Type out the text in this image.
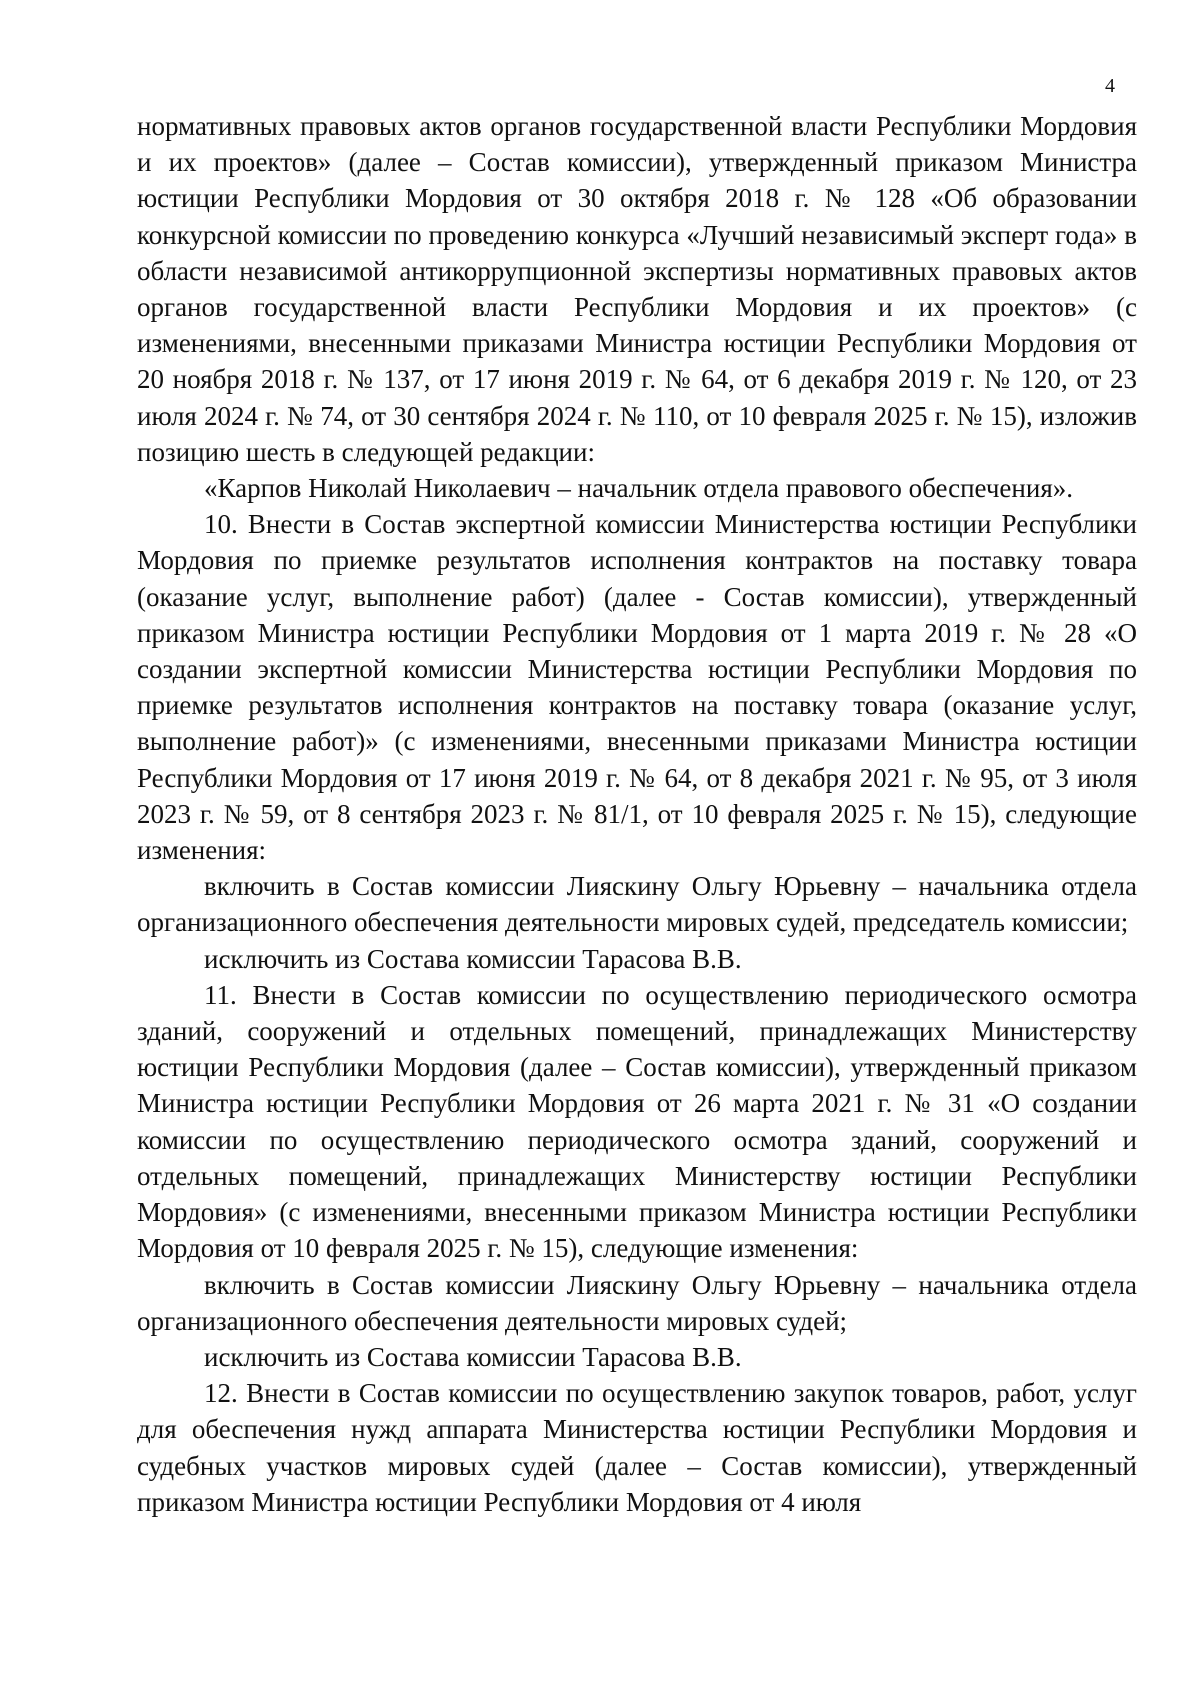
4

нормативных правовых актов органов государственной власти Республики Мордовия и их проектов» (далее – Состав комиссии), утвержденный приказом Министра юстиции Республики Мордовия от 30 октября 2018 г. № 128 «Об образовании конкурсной комиссии по проведению конкурса «Лучший независимый эксперт года» в области независимой антикоррупционной экспертизы нормативных правовых актов органов государственной власти Республики Мордовия и их проектов» (с изменениями, внесенными приказами Министра юстиции Республики Мордовия от 20 ноября 2018 г. № 137, от 17 июня 2019 г. № 64, от 6 декабря 2019 г. № 120, от 23 июля 2024 г. № 74, от 30 сентября 2024 г. № 110, от 10 февраля 2025 г. № 15), изложив позицию шесть в следующей редакции:

«Карпов Николай Николаевич – начальник отдела правового обеспечения».

10. Внести в Состав экспертной комиссии Министерства юстиции Республики Мордовия по приемке результатов исполнения контрактов на поставку товара (оказание услуг, выполнение работ) (далее - Состав комиссии), утвержденный приказом Министра юстиции Республики Мордовия от 1 марта 2019 г. № 28 «О создании экспертной комиссии Министерства юстиции Республики Мордовия по приемке результатов исполнения контрактов на поставку товара (оказание услуг, выполнение работ)» (с изменениями, внесенными приказами Министра юстиции Республики Мордовия от 17 июня 2019 г. № 64, от 8 декабря 2021 г. № 95, от 3 июля 2023 г. № 59, от 8 сентября 2023 г. № 81/1, от 10 февраля 2025 г. № 15), следующие изменения:

включить в Состав комиссии Лияскину Ольгу Юрьевну – начальника отдела организационного обеспечения деятельности мировых судей, председатель комиссии;

исключить из Состава комиссии Тарасова В.В.

11. Внести в Состав комиссии по осуществлению периодического осмотра зданий, сооружений и отдельных помещений, принадлежащих Министерству юстиции Республики Мордовия (далее – Состав комиссии), утвержденный приказом Министра юстиции Республики Мордовия от 26 марта 2021 г. № 31 «О создании комиссии по осуществлению периодического осмотра зданий, сооружений и отдельных помещений, принадлежащих Министерству юстиции Республики Мордовия» (с изменениями, внесенными приказом Министра юстиции Республики Мордовия от 10 февраля 2025 г. № 15), следующие изменения:

включить в Состав комиссии Лияскину Ольгу Юрьевну – начальника отдела организационного обеспечения деятельности мировых судей;

исключить из Состава комиссии Тарасова В.В.

12. Внести в Состав комиссии по осуществлению закупок товаров, работ, услуг для обеспечения нужд аппарата Министерства юстиции Республики Мордовия и судебных участков мировых судей (далее – Состав комиссии), утвержденный приказом Министра юстиции Республики Мордовия от 4 июля
